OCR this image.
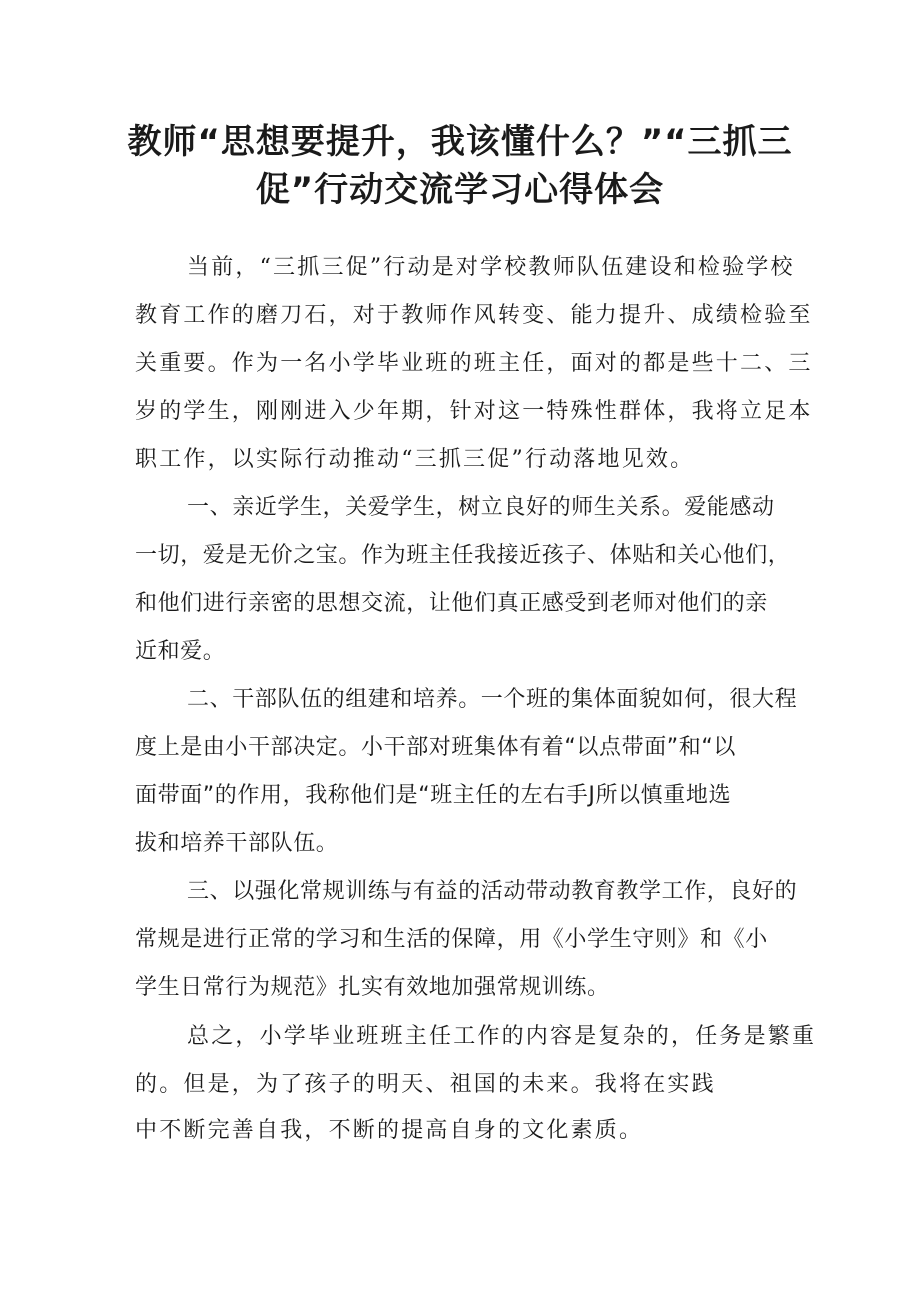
教师“思想要提升，我该懂什么？”“三抓三
促”行动交流学习心得体会
当前，“三抓三促”行动是对学校教师队伍建设和检验学校
教育工作的磨刀石，对于教师作风转变、能力提升、成绩检验至
关重要。作为一名小学毕业班的班主任，面对的都是些十二、三
岁的学生，刚刚进入少年期，针对这一特殊性群体，我将立足本
职工作，以实际行动推动“三抓三促”行动落地见效。
一、亲近学生，关爱学生，树立良好的师生关系。爱能感动
一切，爱是无价之宝。作为班主任我接近孩子、体贴和关心他们，
和他们进行亲密的思想交流，让他们真正感受到老师对他们的亲
近和爱。
二、干部队伍的组建和培养。一个班的集体面貌如何，很大程
度上是由小干部决定。小干部对班集体有着“以点带面”和“以
面带面”的作用，我称他们是“班主任的左右手J所以慎重地选
拔和培养干部队伍。
三、以强化常规训练与有益的活动带动教育教学工作，良好的
常规是进行正常的学习和生活的保障，用《小学生守则》和《小
学生日常行为规范》扎实有效地加强常规训练。
总之，小学毕业班班主任工作的内容是复杂的，任务是繁重
的。但是，为了孩子的明天、祖国的未来。我将在实践
中不断完善自我，不断的提高自身的文化素质。
